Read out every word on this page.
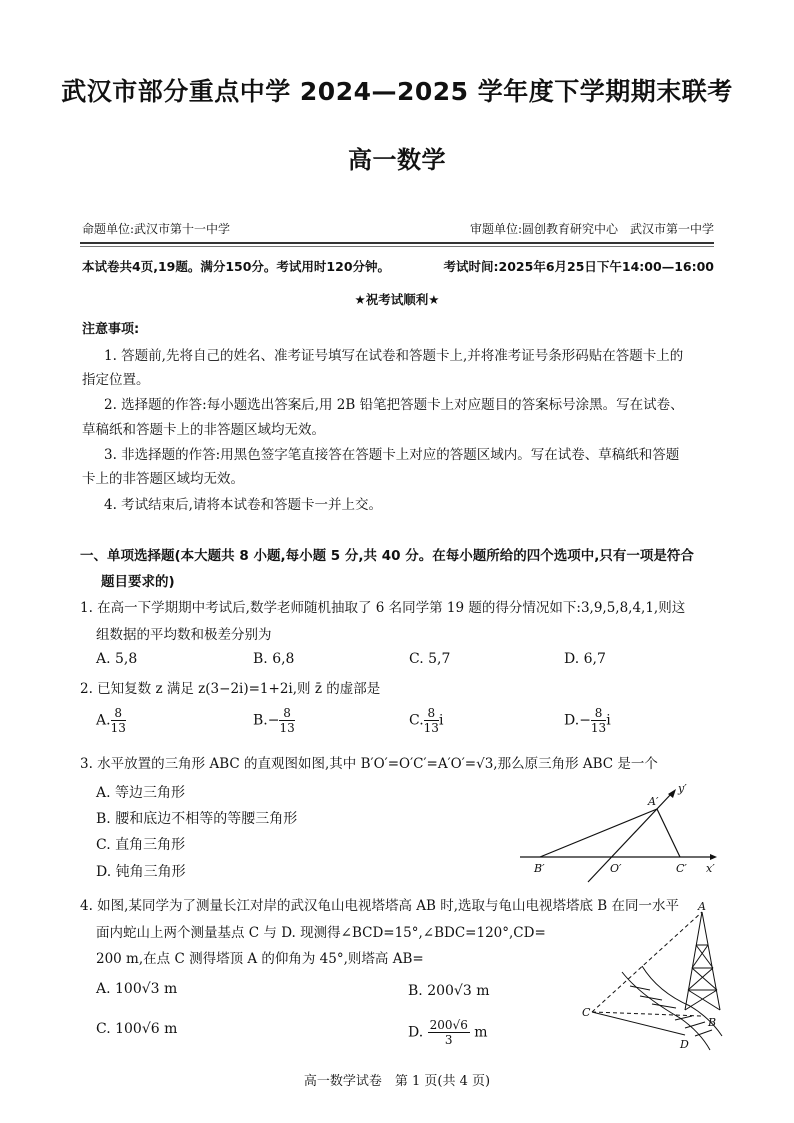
武汉市部分重点中学 2024—2025 学年度下学期期末联考
高一数学
命题单位:武汉市第十一中学	审题单位:圆创教育研究中心　武汉市第一中学
本试卷共4页,19题。满分150分。考试用时120分钟。	考试时间:2025年6月25日下午14:00—16:00
★祝考试顺利★
注意事项:
1. 答题前,先将自己的姓名、准考证号填写在试卷和答题卡上,并将准考证号条形码贴在答题卡上的
指定位置。
2. 选择题的作答:每小题选出答案后,用 2B 铅笔把答题卡上对应题目的答案标号涂黑。写在试卷、
草稿纸和答题卡上的非答题区域均无效。
3. 非选择题的作答:用黑色签字笔直接答在答题卡上对应的答题区域内。写在试卷、草稿纸和答题
卡上的非答题区域均无效。
4. 考试结束后,请将本试卷和答题卡一并上交。
一、单项选择题(本大题共 8 小题,每小题 5 分,共 40 分。在每小题所给的四个选项中,只有一项是符合
题目要求的)
1. 在高一下学期期中考试后,数学老师随机抽取了 6 名同学第 19 题的得分情况如下:3,9,5,8,4,1,则这
组数据的平均数和极差分别为
A. 5,8	B. 6,8	C. 5,7	D. 6,7
2. 已知复数 z 满足 z(3−2i)=1+2i,则 z̄ 的虚部是
A. $\frac{8}{13}$	$B.- \frac{8}{13}$	C. $\frac{8}{13}$ i	$D.- \frac{8}{13}$ i
3. 水平放置的三角形 ABC 的直观图如图,其中 B′O′=O′C′=A′O′=√3,那么原三角形 ABC 是一个
A. 等边三角形
B. 腰和底边不相等的等腰三角形
C. 直角三角形
D. 钝角三角形
A′
B′	O′	C′ x′
y′
4. 如图,某同学为了测量长江对岸的武汉龟山电视塔塔高 AB 时,选取与龟山电视塔塔底 B 在同一水平
面内蛇山上两个测量基点 C 与 D. 现测得∠BCD=15°,∠BDC=120°,CD=
200 m,在点 C 测得塔顶 A 的仰角为 45°,则塔高 AB=
A. 100√3 m	B. 200√3 m
C. 100√6 m	D. $\frac{200√6}{3}$ m
A
B
C
D
高一数学试卷　第 1 页(共 4 页)
